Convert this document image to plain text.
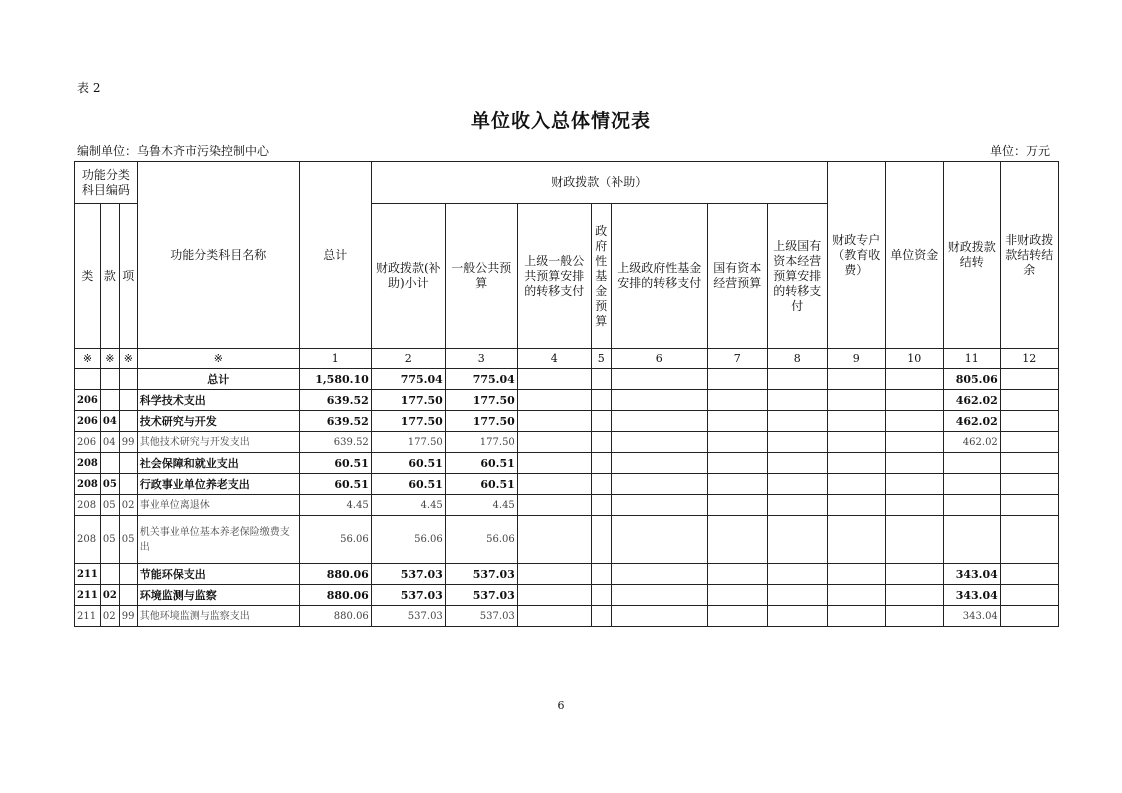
表 2
单位收入总体情况表
编制单位：乌鲁木齐市污染控制中心	单位：万元
功能分类科目编码			功能分类科目名称	总计	财政拨款（补助）							财政专户（教育收费）	单位资金	财政拨款结转	非财政拨款结转结余
类	款	项			财政拨款(补助)小计	一般公共预算	上级一般公共预算安排的转移支付	政府性基金预算	上级政府性基金安排的转移支付	国有资本经营预算	上级国有资本经营预算安排的转移支付				
※	※	※	※	1	2	3	4	5	6	7	8	9	10	11	12
			总计	1,580.10	775.04	775.04								805.06	
206			科学技术支出	639.52	177.50	177.50								462.02	
206	04		技术研究与开发	639.52	177.50	177.50								462.02	
206	04	99	其他技术研究与开发支出	639.52	177.50	177.50								462.02	
208			社会保障和就业支出	60.51	60.51	60.51									
208	05		行政事业单位养老支出	60.51	60.51	60.51									
208	05	02	事业单位离退休	4.45	4.45	4.45									
208	05	05	机关事业单位基本养老保险缴费支出	56.06	56.06	56.06									
211			节能环保支出	880.06	537.03	537.03								343.04	
211	02		环境监测与监察	880.06	537.03	537.03								343.04	
211	02	99	其他环境监测与监察支出	880.06	537.03	537.03								343.04	
6
